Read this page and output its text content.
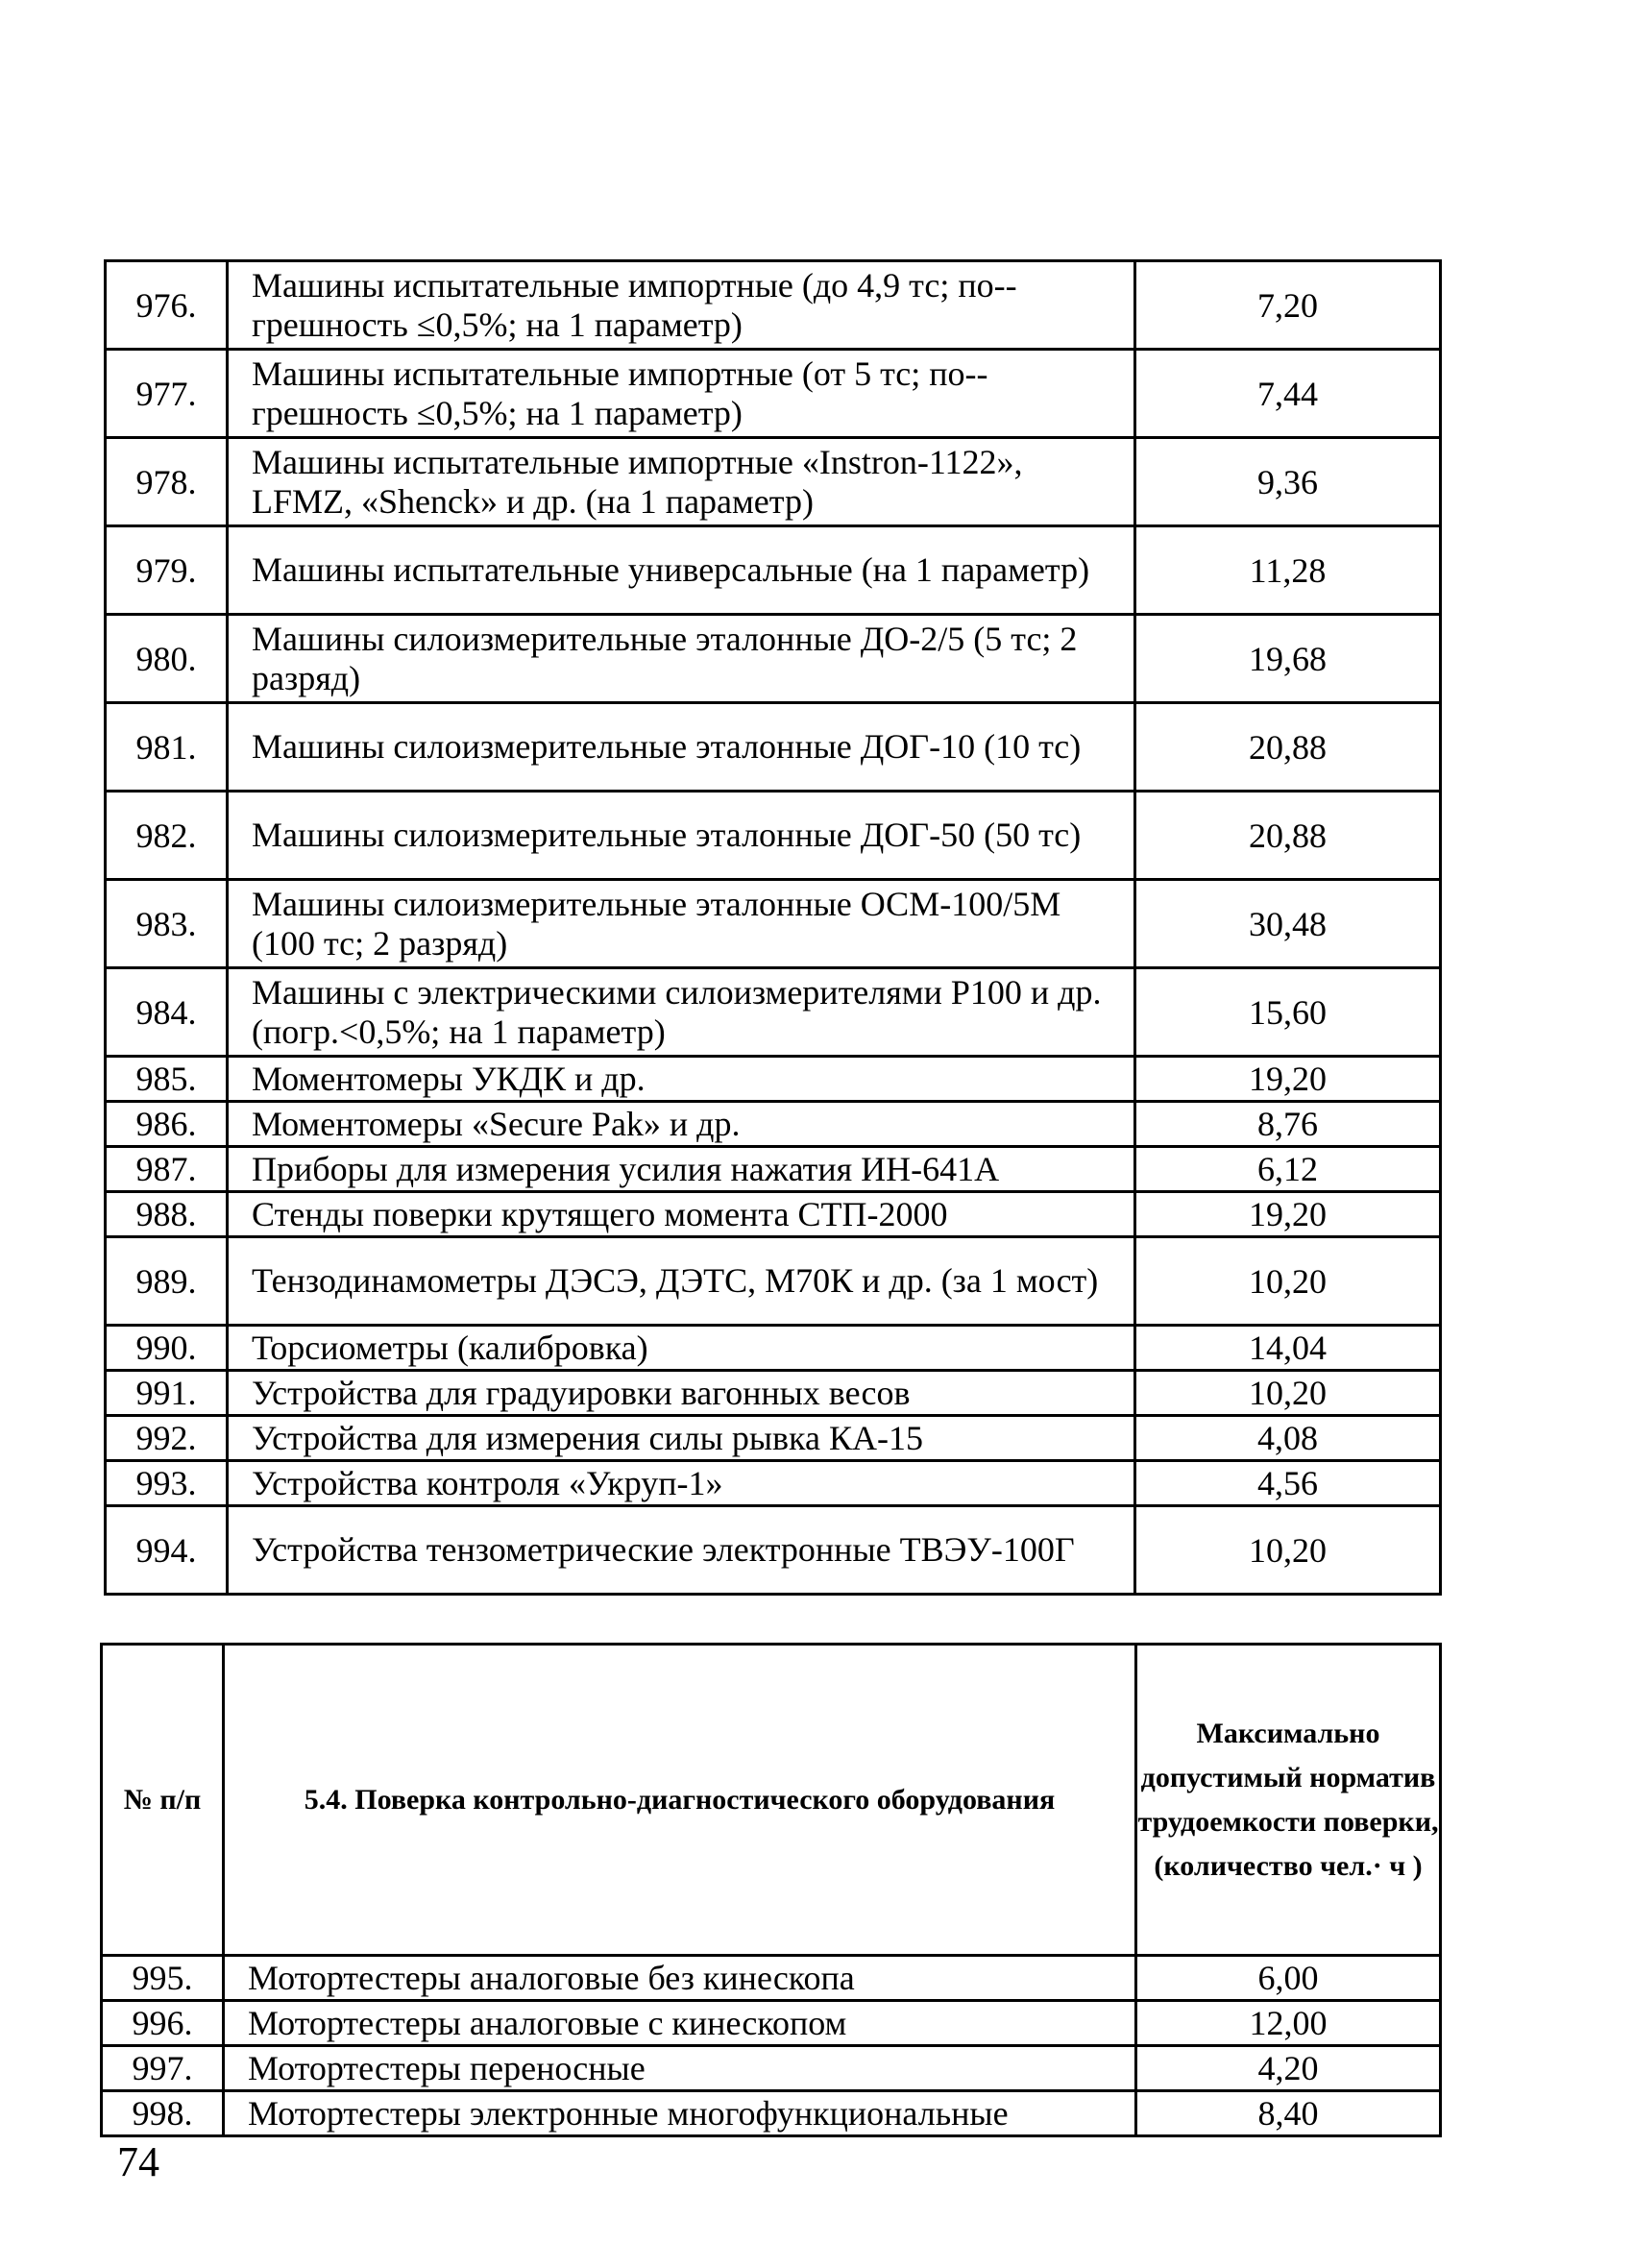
976.	Машины испытательные импортные (до 4,9 тс; по-грешность ≤0,5%; на 1 параметр)	7,20
977.	Машины испытательные импортные (от 5 тс; по-грешность ≤0,5%; на 1 параметр)	7,44
978.	Машины испытательные импортные «Instron-1122», LFMZ, «Shenck» и др. (на 1 параметр)	9,36
979.	Машины испытательные универсальные (на 1 параметр)	11,28
980.	Машины силоизмерительные эталонные ДО-2/5 (5 тс; 2 разряд)	19,68
981.	Машины силоизмерительные эталонные ДОГ-10 (10 тс)	20,88
982.	Машины силоизмерительные эталонные ДОГ-50 (50 тс)	20,88
983.	Машины силоизмерительные эталонные ОСМ-100/5М (100 тс; 2 разряд)	30,48
984.	Машины с электрическими силоизмерителями Р100 и др. (погр.<0,5%; на 1 параметр)	15,60
985.	Моментомеры УКДК и др.	19,20
986.	Моментомеры «Secure Pak» и др.	8,76
987.	Приборы для измерения усилия нажатия ИН-641А	6,12
988.	Стенды поверки крутящего момента СТП-2000	19,20
989.	Тензодинамометры ДЭСЭ, ДЭТС, М70К и др. (за 1 мост)	10,20
990.	Торсиометры (калибровка)	14,04
991.	Устройства для градуировки вагонных весов	10,20
992.	Устройства для измерения силы рывка КА-15	4,08
993.	Устройства контроля «Укруп-1»	4,56
994.	Устройства тензометрические электронные ТВЭУ-100Г	10,20
№ п/п	5.4. Поверка контрольно-диагностического оборудования	Максимально допустимый норматив трудоемкости поверки, (количество чел.· ч )
995.	Мотортестеры аналоговые без кинескопа	6,00
996.	Мотортестеры аналоговые с кинескопом	12,00
997.	Мотортестеры переносные	4,20
998.	Мотортестеры электронные многофункциональные	8,40
74
